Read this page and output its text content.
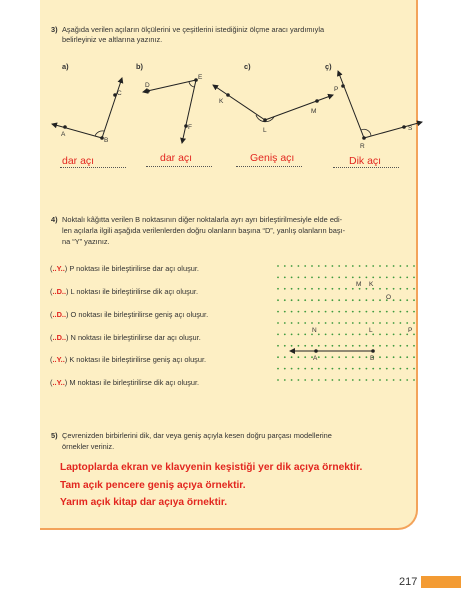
3) Aşağıda verilen açıların ölçülerini ve çeşitlerini istediğiniz ölçme aracı yardımıyla
belirleyiniz ve altlarına yazınız.
a)	b)	c)	ç)
A
B
C
D
E
F
K
L
M
P
R
S
dar açı	dar açı	Geniş açı	Dik açı
4) Noktalı kâğıtta verilen B noktasının diğer noktalarla ayrı ayrı birleştirilmesiyle elde edi-
len açılarla ilgili aşağıda verilenlerden doğru olanların başına “D”, yanlış olanların başı-
na “Y” yazınız.
(..Y..) P noktası ile birleştirilirse dar açı oluşur.
(..D..) L noktası ile birleştirilirse dik açı oluşur.
(..D..) O noktası ile birleştirilirse geniş açı oluşur.
(..D..) N noktası ile birleştirilirse dar açı oluşur.
(..Y..) K noktası ile birleştirilirse geniş açı oluşur.
(..Y..) M noktası ile birleştirilirse dik açı oluşur.
M K
O
N	L	P
A	B
5) Çevrenizden birbirlerini dik, dar veya geniş açıyla kesen doğru parçası modellerine
örnekler veriniz.
Laptoplarda ekran ve klavyenin keşistiği yer dik açıya örnektir.
Tam açık pencere geniş açıya örnektir.
Yarım açık kitap dar açıya örnektir.
217
